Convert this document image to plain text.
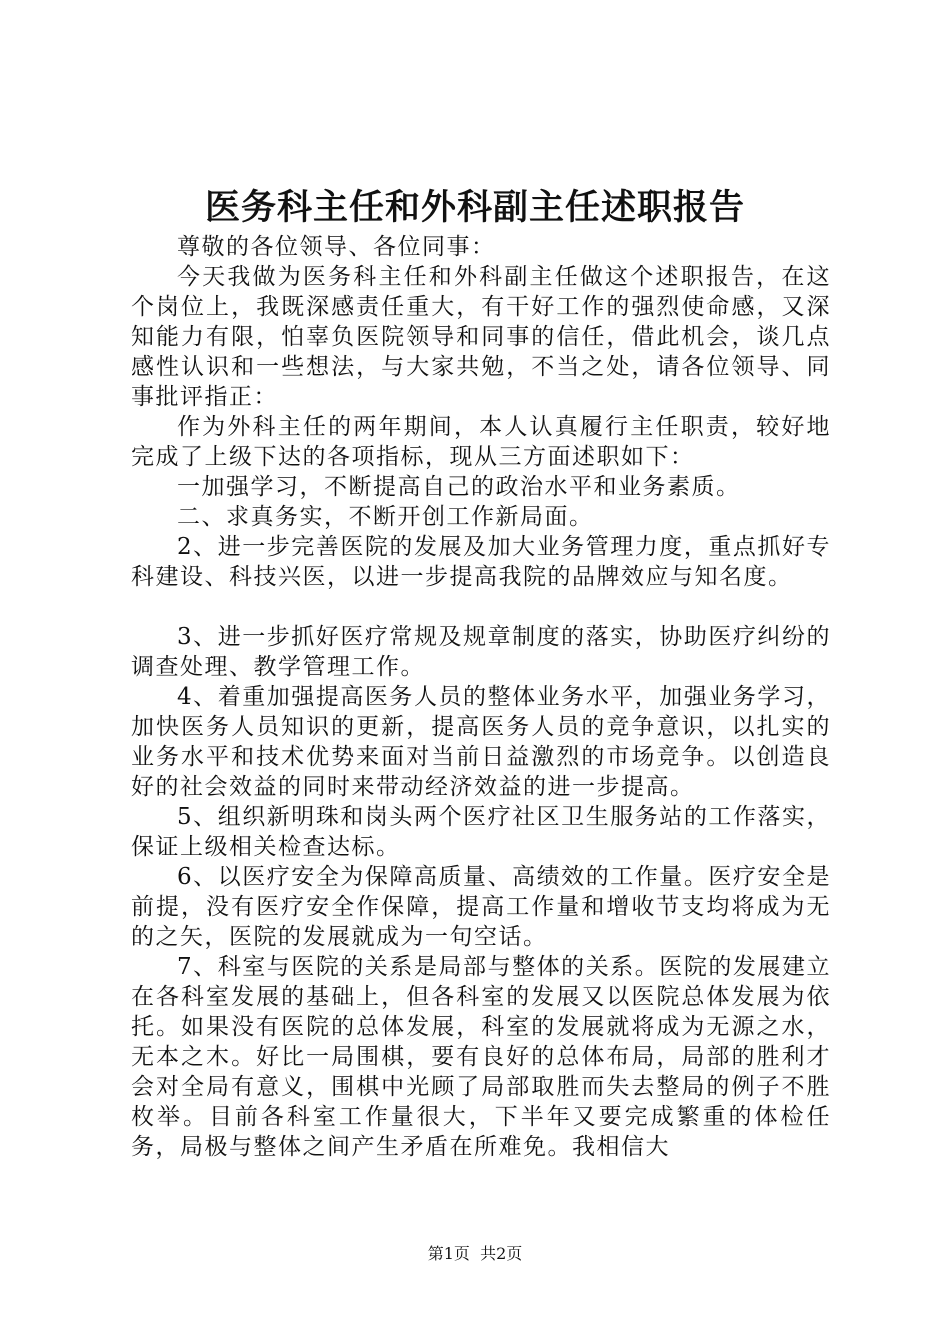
医务科主任和外科副主任述职报告

尊敬的各位领导、各位同事：

今天我做为医务科主任和外科副主任做这个述职报告，在这个岗位上，我既深感责任重大，有干好工作的强烈使命感，又深知能力有限，怕辜负医院领导和同事的信任，借此机会，谈几点感性认识和一些想法，与大家共勉，不当之处，请各位领导、同事批评指正：

作为外科主任的两年期间，本人认真履行主任职责，较好地完成了上级下达的各项指标，现从三方面述职如下：

一加强学习，不断提高自己的政治水平和业务素质。

二、求真务实，不断开创工作新局面。

2、进一步完善医院的发展及加大业务管理力度，重点抓好专科建设、科技兴医，以进一步提高我院的品牌效应与知名度。

3、进一步抓好医疗常规及规章制度的落实，协助医疗纠纷的调查处理、教学管理工作。

4、着重加强提高医务人员的整体业务水平，加强业务学习，加快医务人员知识的更新，提高医务人员的竞争意识，以扎实的业务水平和技术优势来面对当前日益激烈的市场竞争。以创造良好的社会效益的同时来带动经济效益的进一步提高。

5、组织新明珠和岗头两个医疗社区卫生服务站的工作落实，保证上级相关检查达标。

6、以医疗安全为保障高质量、高绩效的工作量。医疗安全是前提，没有医疗安全作保障，提高工作量和增收节支均将成为无的之矢，医院的发展就成为一句空话。

7、科室与医院的关系是局部与整体的关系。医院的发展建立在各科室发展的基础上，但各科室的发展又以医院总体发展为依托。如果没有医院的总体发展，科室的发展就将成为无源之水，无本之木。好比一局围棋，要有良好的总体布局，局部的胜利才会对全局有意义，围棋中光顾了局部取胜而失去整局的例子不胜枚举。目前各科室工作量很大，下半年又要完成繁重的体检任务，局极与整体之间产生矛盾在所难免。我相信大

第1页 共2页
